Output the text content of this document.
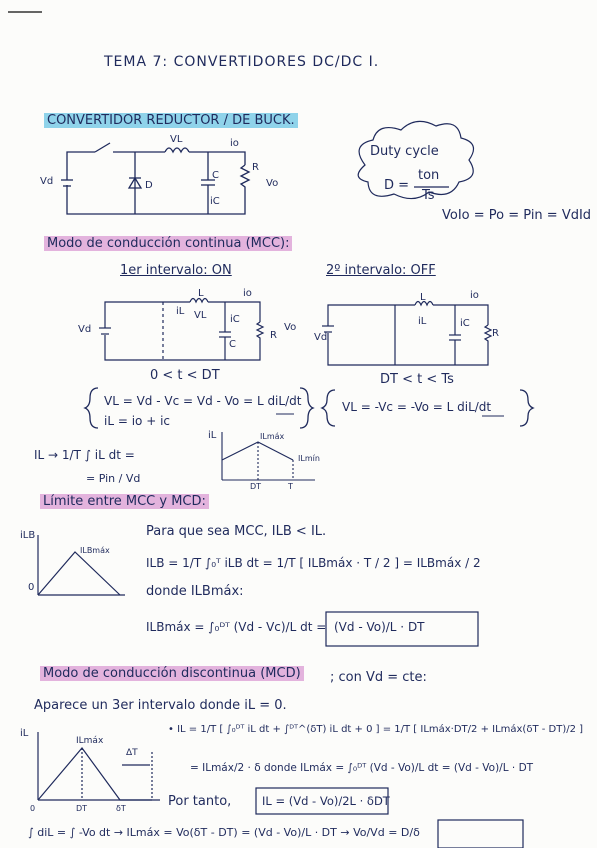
TEMA 7: CONVERTIDORES DC/DC I.
CONVERTIDOR REDUCTOR / DE BUCK.
VL	io
Vd	D
C
iC
R
Vo
Duty cycle
D =
ton
Ts
VoIo = Po = Pin = VdId
Modo de conducción continua (MCC):
1er intervalo: ON	2º intervalo: OFF
Vd
L
iL VL iC
C
R
Vo
io
Vd
L
iL	iC
R
io
0 < t < DT	DT < t < Ts
VL = Vd - Vc = Vd - Vo = L diL/dt
iL = io + ic
VL = -Vc = -Vo = L diL/dt
IL → 1/T ∫ iL dt =
= Pin / Vd
iL	ILmáx
ILmín
DT	T
Límite entre MCC y MCD:
Para que sea MCC, ILB < IL.
ILB = 1/T ∫₀ᵀ iLB dt = 1/T [ ILBmáx · T / 2 ] = ILBmáx / 2
donde ILBmáx:
ILBmáx = ∫₀ᴰᵀ (Vd - Vc)/L dt = (Vd - Vo)/L · DT
iLB
ILBmáx
0
Modo de conducción discontinua (MCD) ; con Vd = cte:
Aparece un 3er intervalo donde iL = 0.
• IL = 1/T [ ∫₀ᴰᵀ iL dt + ∫ᴰᵀ^(δT) iL dt + 0 ] = 1/T [ ILmáx·DT/2 + ILmáx(δT - DT)/2 ]
= ILmáx/2 · δ donde ILmáx = ∫₀ᴰᵀ (Vd - Vo)/L dt = (Vd - Vo)/L · DT
Por tanto,	IL = (Vd - Vo)/2L · δDT
∫ diL = ∫ -Vo dt → ILmáx = Vo(δT - DT) = (Vd - Vo)/L · DT → Vo/Vd = D/δ
iL
ILmáx
DT	δT
ΔT
0
